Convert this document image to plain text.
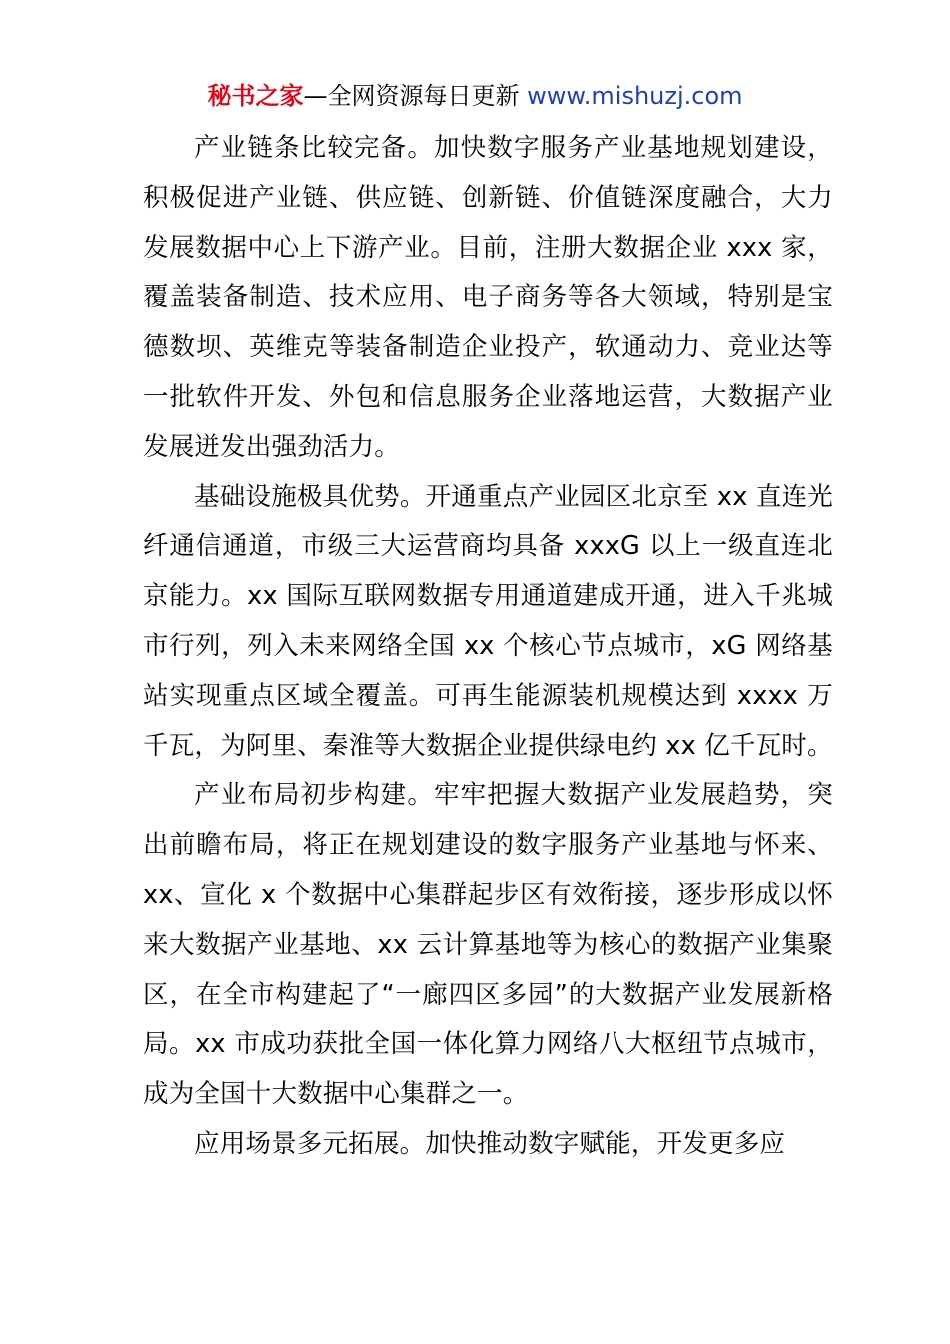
秘书之家—全网资源每日更新 www.mishuzj.com

产业链条比较完备。加快数字服务产业基地规划建设，积极促进产业链、供应链、创新链、价值链深度融合，大力发展数据中心上下游产业。目前，注册大数据企业 xxx 家，覆盖装备制造、技术应用、电子商务等各大领域，特别是宝德数坝、英维克等装备制造企业投产，软通动力、竞业达等一批软件开发、外包和信息服务企业落地运营，大数据产业发展迸发出强劲活力。

基础设施极具优势。开通重点产业园区北京至 xx 直连光纤通信通道，市级三大运营商均具备 xxxG 以上一级直连北京能力。xx 国际互联网数据专用通道建成开通，进入千兆城市行列，列入未来网络全国 xx 个核心节点城市，xG 网络基站实现重点区域全覆盖。可再生能源装机规模达到 xxxx 万千瓦，为阿里、秦淮等大数据企业提供绿电约 xx 亿千瓦时。

产业布局初步构建。牢牢把握大数据产业发展趋势，突出前瞻布局，将正在规划建设的数字服务产业基地与怀来、xx、宣化 x 个数据中心集群起步区有效衔接，逐步形成以怀来大数据产业基地、xx 云计算基地等为核心的数据产业集聚区，在全市构建起了“一廊四区多园”的大数据产业发展新格局。xx 市成功获批全国一体化算力网络八大枢纽节点城市，成为全国十大数据中心集群之一。

应用场景多元拓展。加快推动数字赋能，开发更多应
